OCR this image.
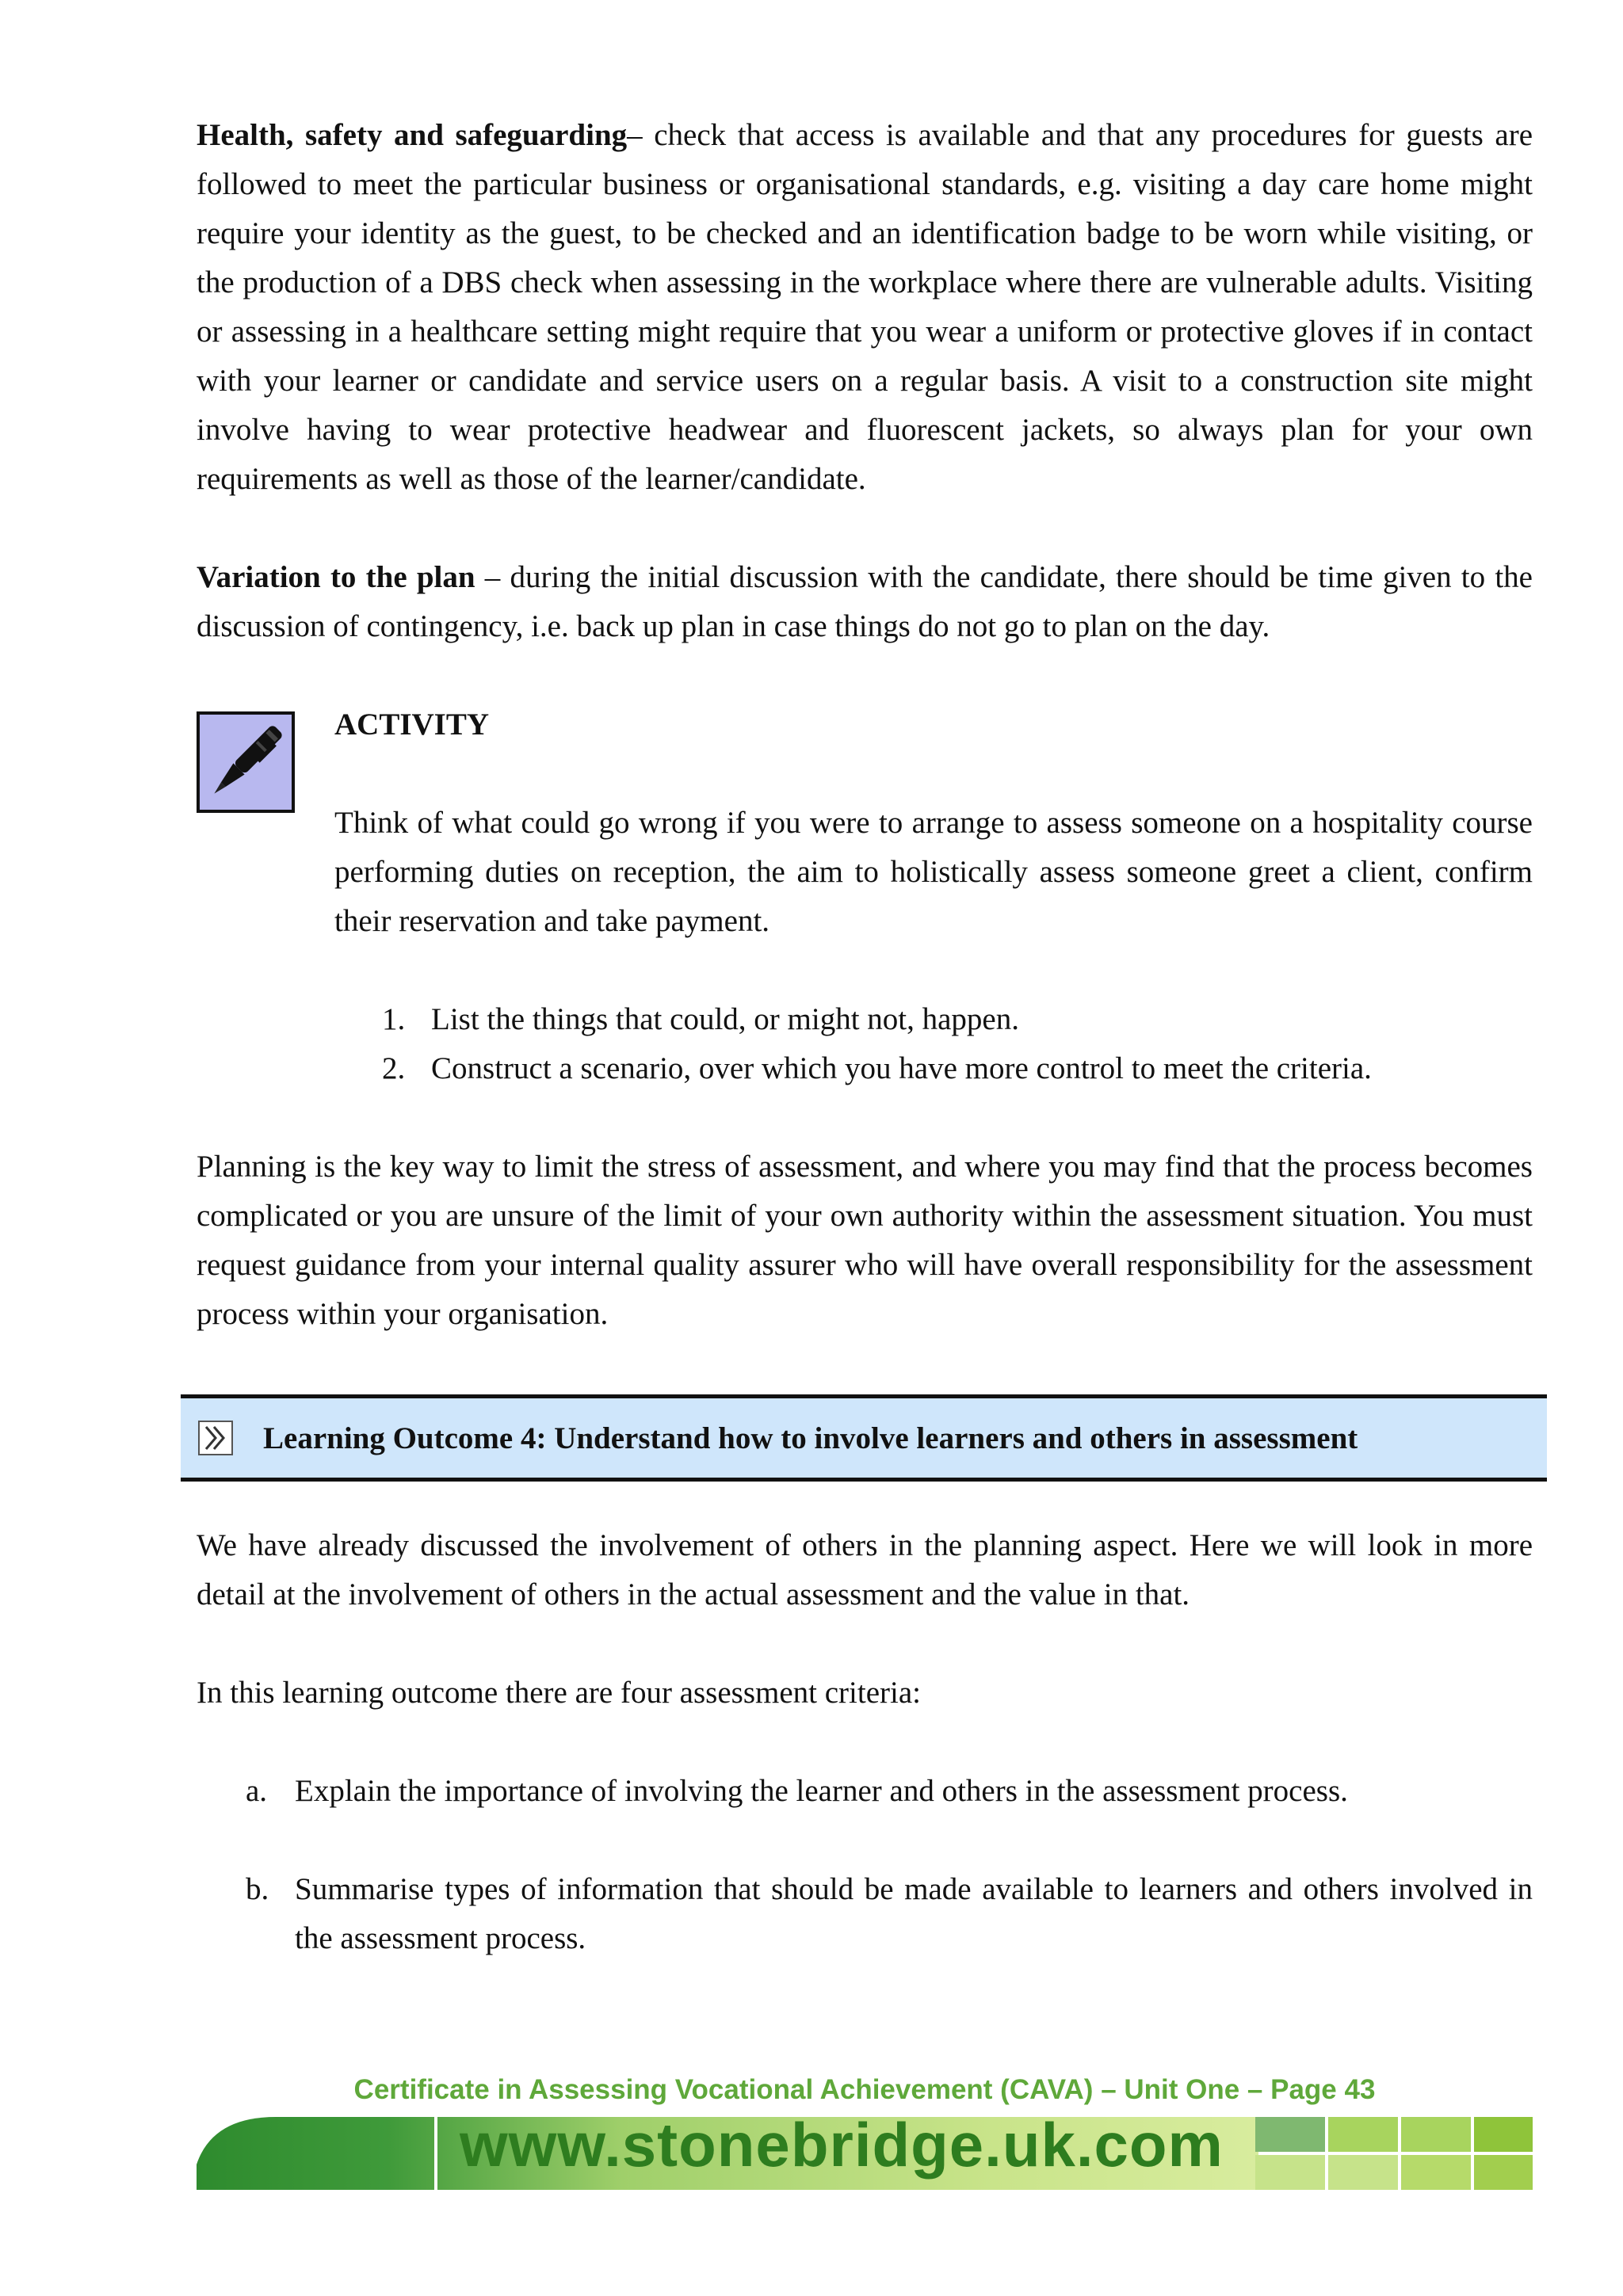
Health, safety and safeguarding– check that access is available and that any procedures for guests are followed to meet the particular business or organisational standards, e.g. visiting a day care home might require your identity as the guest, to be checked and an identification badge to be worn while visiting, or the production of a DBS check when assessing in the workplace where there are vulnerable adults. Visiting or assessing in a healthcare setting might require that you wear a uniform or protective gloves if in contact with your learner or candidate and service users on a regular basis. A visit to a construction site might involve having to wear protective headwear and fluorescent jackets, so always plan for your own requirements as well as those of the learner/candidate.

Variation to the plan – during the initial discussion with the candidate, there should be time given to the discussion of contingency, i.e. back up plan in case things do not go to plan on the day.

ACTIVITY

Think of what could go wrong if you were to arrange to assess someone on a hospitality course performing duties on reception, the aim to holistically assess someone greet a client, confirm their reservation and take payment.

1. List the things that could, or might not, happen.
2. Construct a scenario, over which you have more control to meet the criteria.

Planning is the key way to limit the stress of assessment, and where you may find that the process becomes complicated or you are unsure of the limit of your own authority within the assessment situation. You must request guidance from your internal quality assurer who will have overall responsibility for the assessment process within your organisation.

Learning Outcome 4: Understand how to involve learners and others in assessment

We have already discussed the involvement of others in the planning aspect. Here we will look in more detail at the involvement of others in the actual assessment and the value in that.

In this learning outcome there are four assessment criteria:

a. Explain the importance of involving the learner and others in the assessment process.
b. Summarise types of information that should be made available to learners and others involved in the assessment process.
Certificate in Assessing Vocational Achievement (CAVA) – Unit One – Page 43
www.stonebridge.uk.com
